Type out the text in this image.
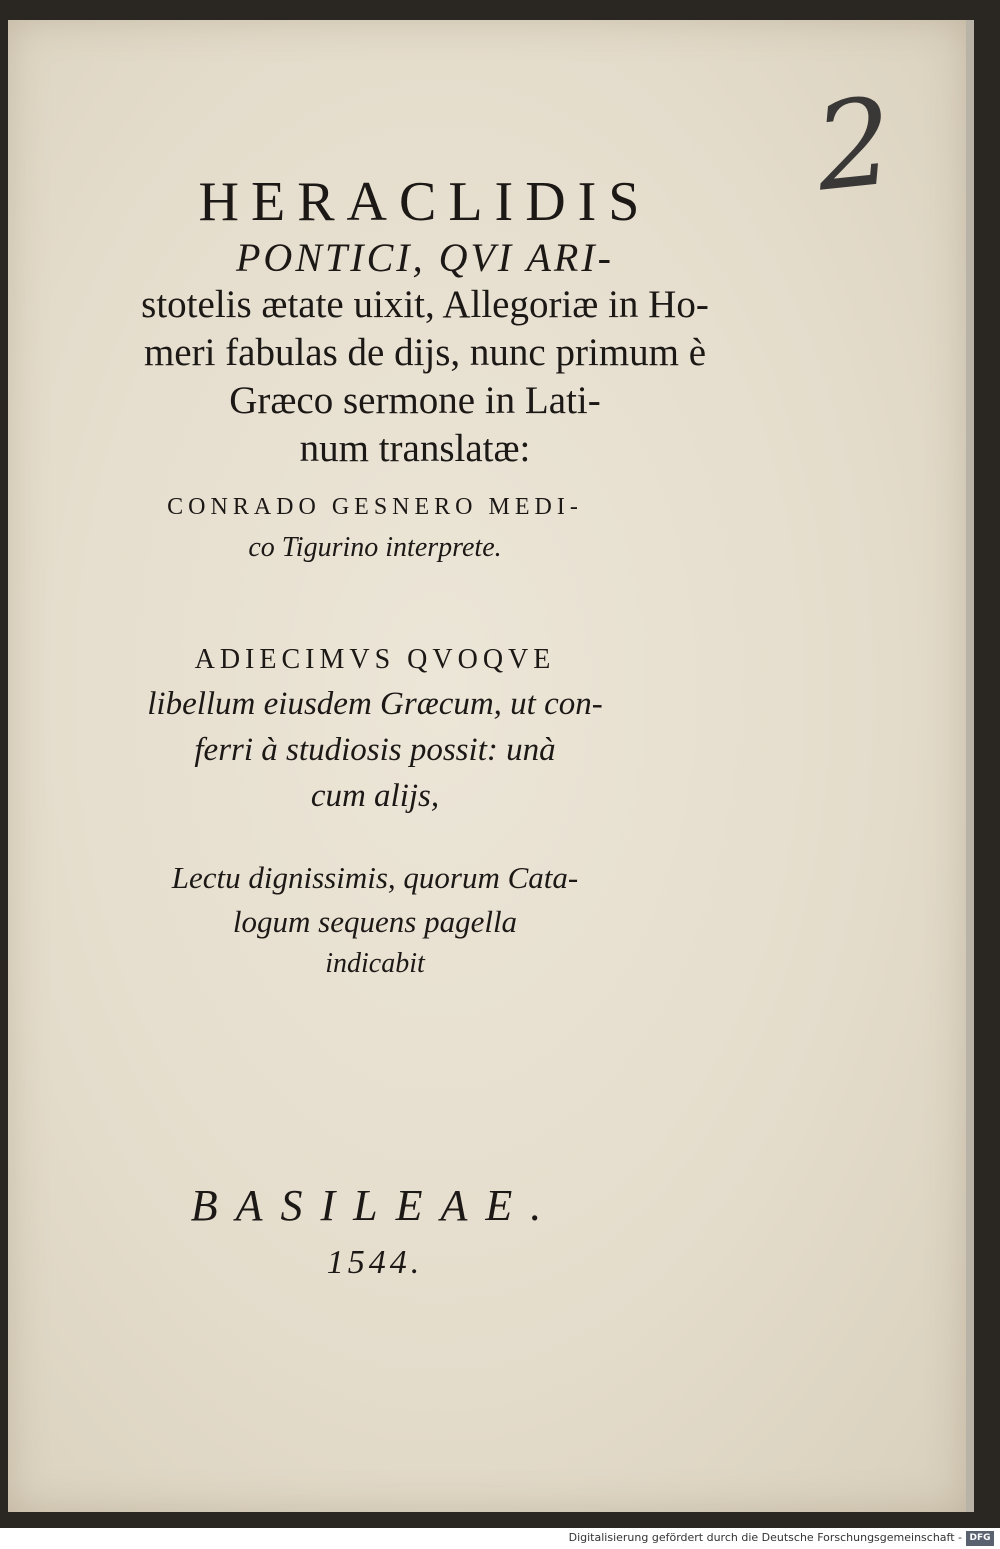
HERACLIDIS
PONTICI, QVI ARI-
stotelis ætate uixit, Allegoriæ in Ho-
meri fabulas de dijs, nunc primum è
Græco sermone in Lati-
num translatæ:
CONRADO GESNERO MEDI-
co Tigurino interprete.
ADIECIMVS QVOQVE
libellum eiusdem Græcum, ut con-
ferri à studiosis possit: unà
cum alijs,
Lectu dignissimis, quorum Cata-
logum sequens pagella
indicabit
BASILEAE.
1544.
2
Digitalisierung gefördert durch die Deutsche Forschungsgemeinschaft - DFG
